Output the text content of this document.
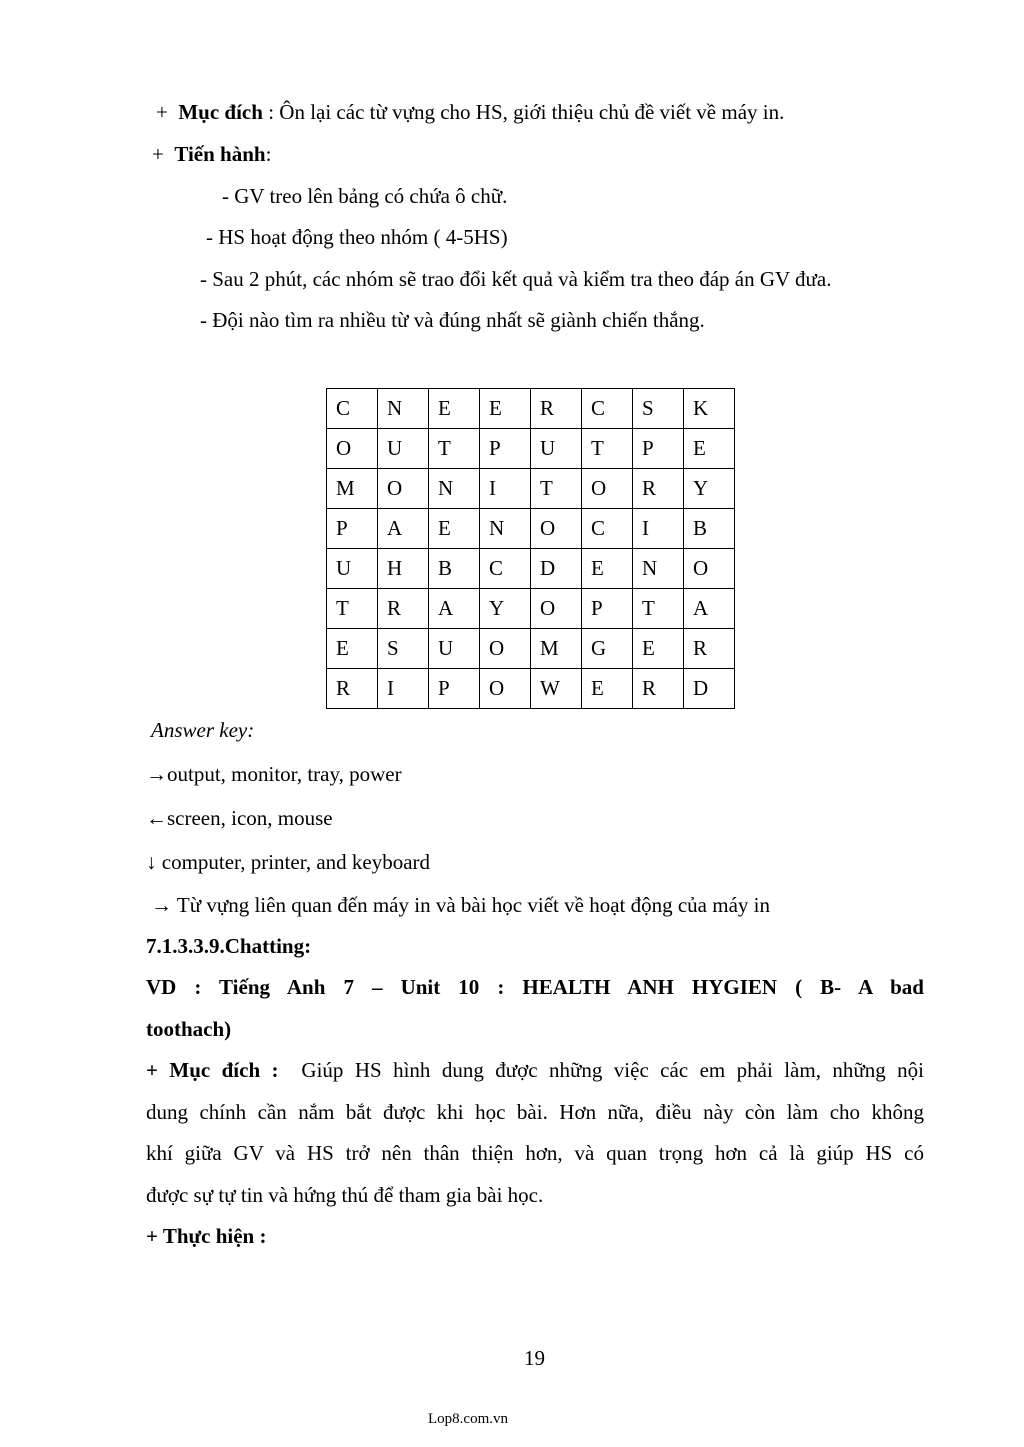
+ Mục đích : Ôn lại các từ vựng cho HS, giới thiệu chủ đề viết về máy in.
+ Tiến hành:
- GV treo lên bảng có chứa ô chữ.
- HS hoạt động theo nhóm ( 4-5HS)
- Sau 2 phút, các nhóm sẽ trao đổi kết quả và kiểm tra theo đáp án GV đưa.
- Đội nào tìm ra nhiều từ và đúng nhất sẽ giành chiến thắng.
C	N	E	E	R	C	S	K
O	U	T	P	U	T	P	E
M	O	N	I	T	O	R	Y
P	A	E	N	O	C	I	B
U	H	B	C	D	E	N	O
T	R	A	Y	O	P	T	A
E	S	U	O	M	G	E	R
R	I	P	O	W	E	R	D
Answer key:
→output, monitor, tray, power
←screen, icon, mouse
↓ computer, printer, and keyboard
→ Từ vựng liên quan đến máy in và bài học viết về hoạt động của máy in
7.1.3.3.9.Chatting:
VD : Tiếng Anh 7 – Unit 10 : HEALTH ANH HYGIEN ( B- A bad
toothach)
+ Mục đích : Giúp HS hình dung được những việc các em phải làm, những nội
dung chính cần nắm bắt được khi học bài. Hơn nữa, điều này còn làm cho không
khí giữa GV và HS trở nên thân thiện hơn, và quan trọng hơn cả là giúp HS có
được sự tự tin và hứng thú để tham gia bài học.
+ Thực hiện :
19
Lop8.com.vn
